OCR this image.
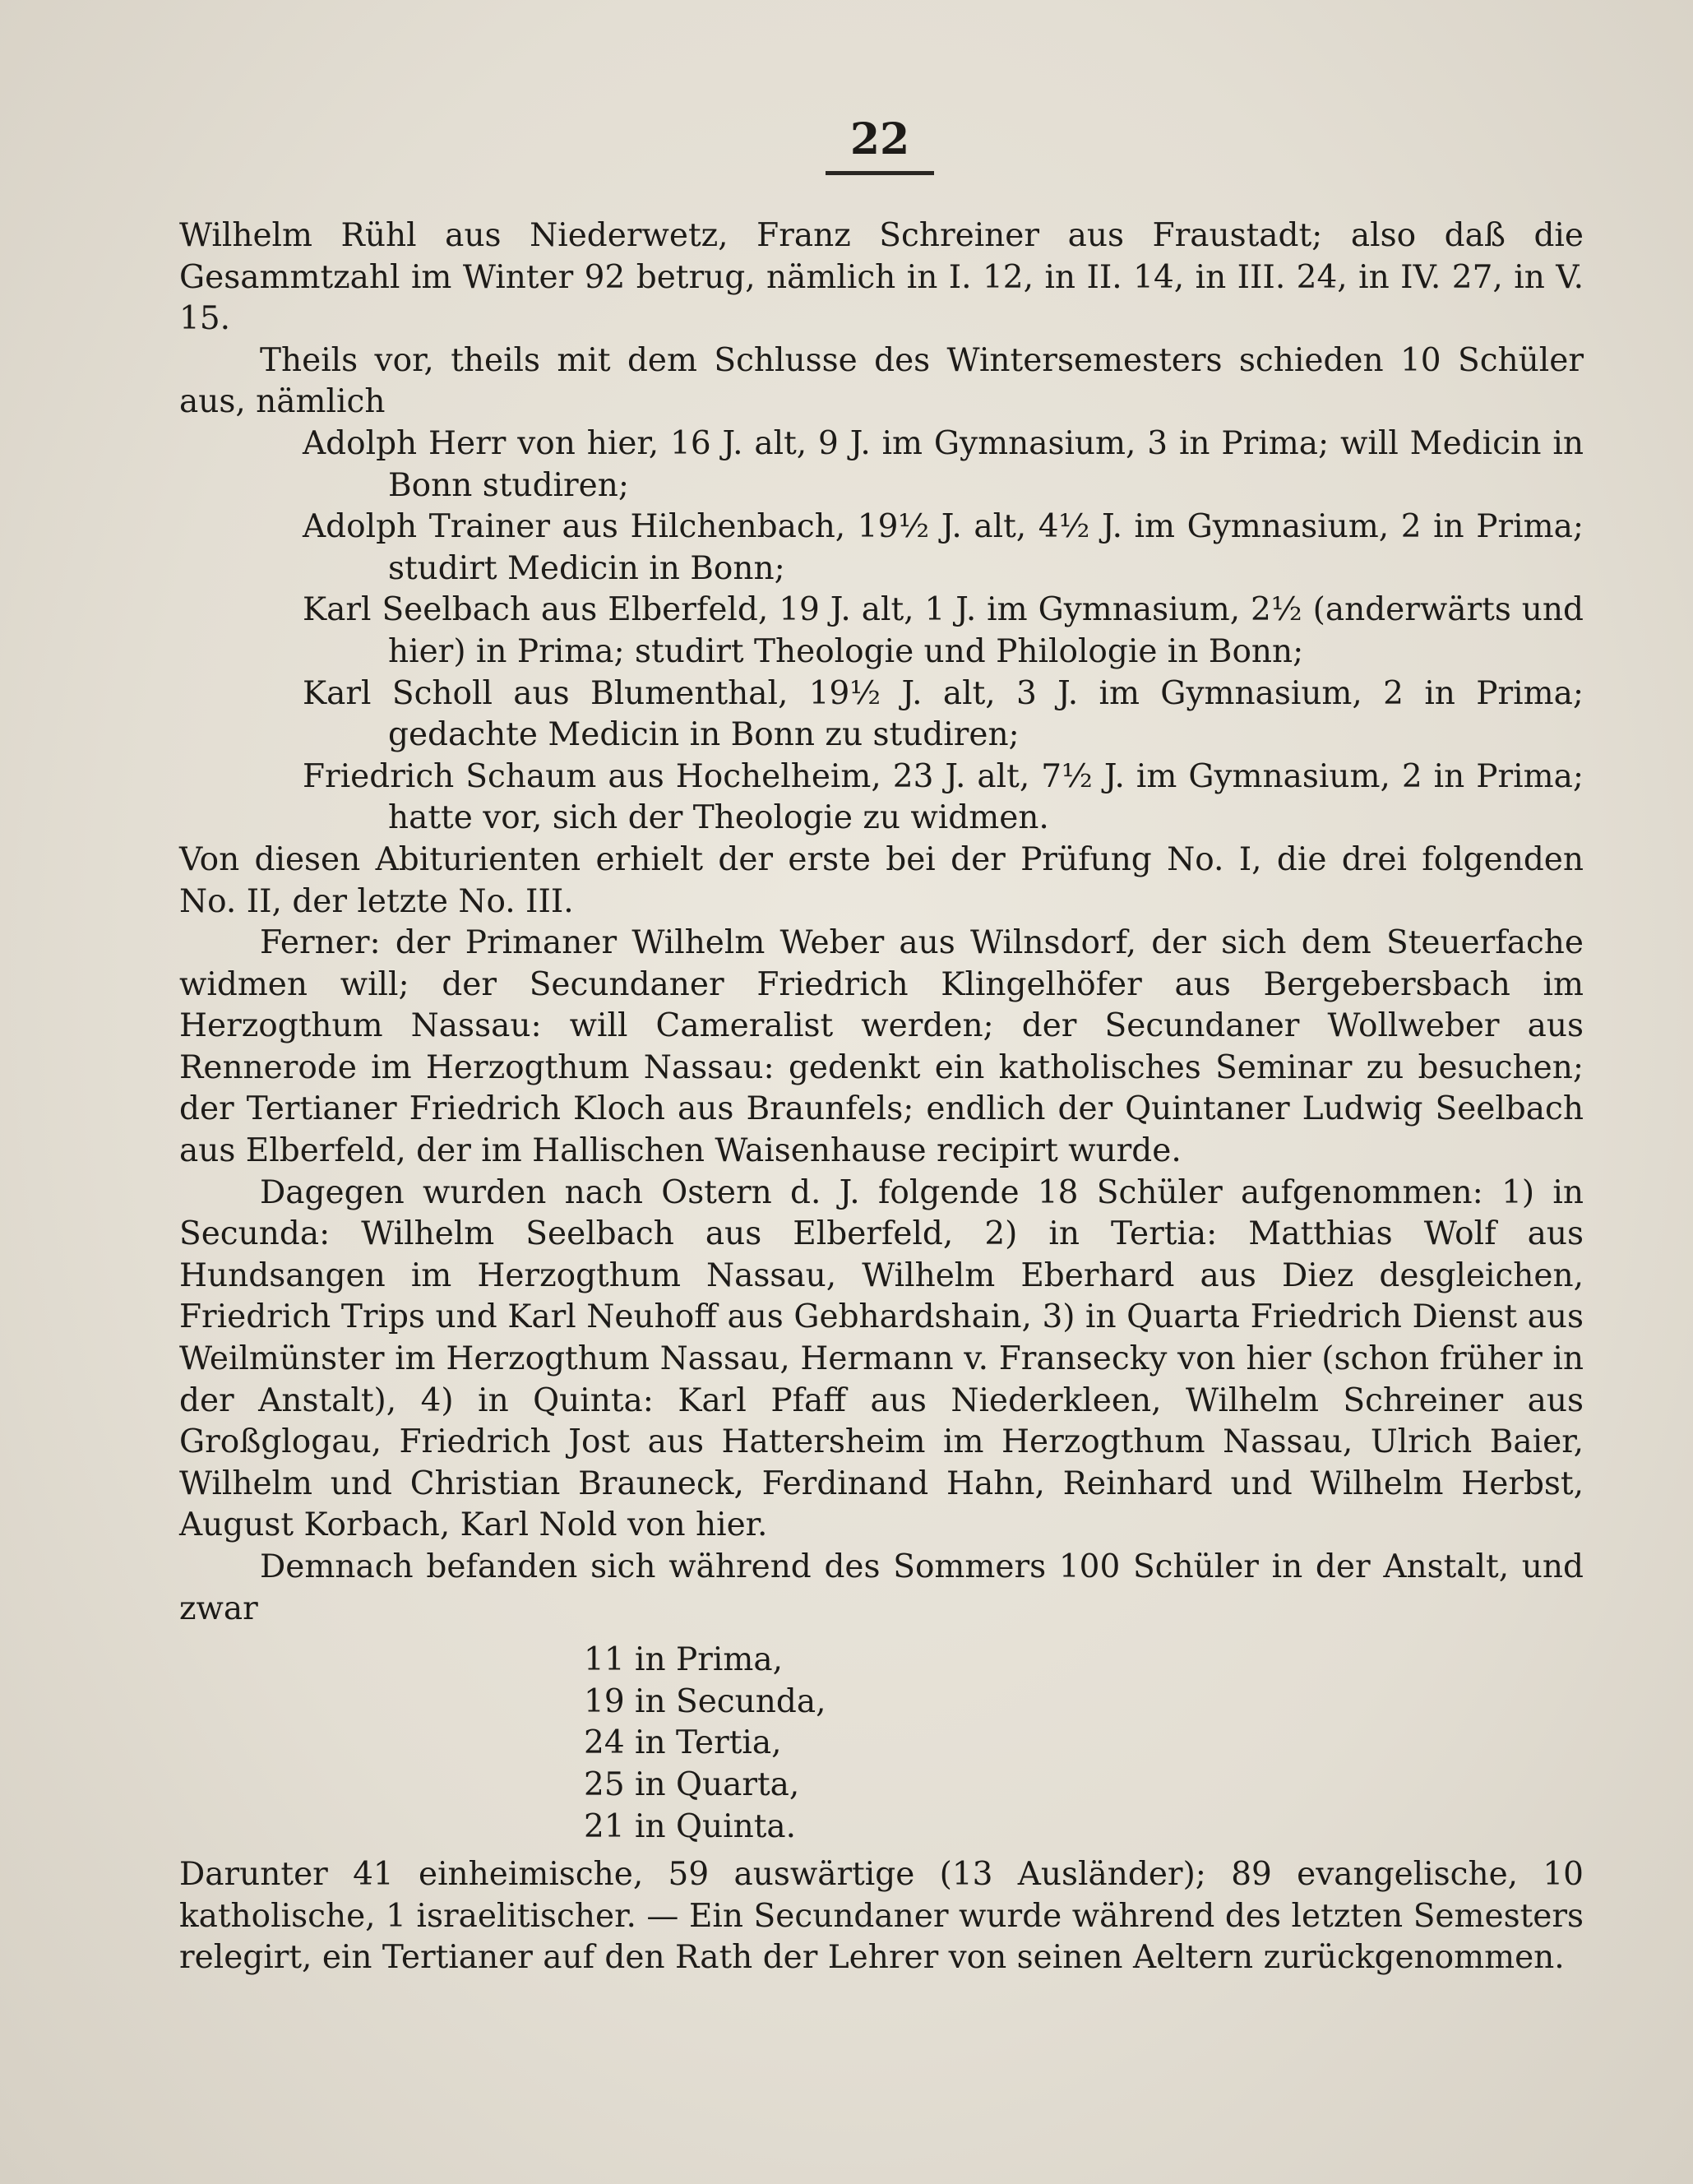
22

Wilhelm Rühl aus Niederwetz, Franz Schreiner aus Fraustadt; also daß die Gesammtzahl im Winter 92 betrug, nämlich in I. 12, in II. 14, in III. 24, in IV. 27, in V. 15.

Theils vor, theils mit dem Schlusse des Wintersemesters schieden 10 Schüler aus, nämlich

Adolph Herr von hier, 16 J. alt, 9 J. im Gymnasium, 3 in Prima; will Medicin in Bonn studiren;

Adolph Trainer aus Hilchenbach, 19½ J. alt, 4½ J. im Gymnasium, 2 in Prima; studirt Medicin in Bonn;

Karl Seelbach aus Elberfeld, 19 J. alt, 1 J. im Gymnasium, 2½ (anderwärts und hier) in Prima; studirt Theologie und Philologie in Bonn;

Karl Scholl aus Blumenthal, 19½ J. alt, 3 J. im Gymnasium, 2 in Prima; gedachte Medicin in Bonn zu studiren;

Friedrich Schaum aus Hochelheim, 23 J. alt, 7½ J. im Gymnasium, 2 in Prima; hatte vor, sich der Theologie zu widmen.

Von diesen Abiturienten erhielt der erste bei der Prüfung No. I, die drei folgenden No. II, der letzte No. III.

Ferner: der Primaner Wilhelm Weber aus Wilnsdorf, der sich dem Steuerfache widmen will; der Secundaner Friedrich Klingelhöfer aus Bergebersbach im Herzogthum Nassau: will Cameralist werden; der Secundaner Wollweber aus Rennerode im Herzogthum Nassau: gedenkt ein katholisches Seminar zu besuchen; der Tertianer Friedrich Kloch aus Braunfels; endlich der Quintaner Ludwig Seelbach aus Elberfeld, der im Hallischen Waisenhause recipirt wurde.

Dagegen wurden nach Ostern d. J. folgende 18 Schüler aufgenommen: 1) in Secunda: Wilhelm Seelbach aus Elberfeld, 2) in Tertia: Matthias Wolf aus Hundsangen im Herzogthum Nassau, Wilhelm Eberhard aus Diez desgleichen, Friedrich Trips und Karl Neuhoff aus Gebhardshain, 3) in Quarta Friedrich Dienst aus Weilmünster im Herzogthum Nassau, Hermann v. Fransecky von hier (schon früher in der Anstalt), 4) in Quinta: Karl Pfaff aus Niederkleen, Wilhelm Schreiner aus Großglogau, Friedrich Jost aus Hattersheim im Herzogthum Nassau, Ulrich Baier, Wilhelm und Christian Brauneck, Ferdinand Hahn, Reinhard und Wilhelm Herbst, August Korbach, Karl Nold von hier.

Demnach befanden sich während des Sommers 100 Schüler in der Anstalt, und zwar

11 in Prima,
19 in Secunda,
24 in Tertia,
25 in Quarta,
21 in Quinta.

Darunter 41 einheimische, 59 auswärtige (13 Ausländer); 89 evangelische, 10 katholische, 1 israelitischer. — Ein Secundaner wurde während des letzten Semesters relegirt, ein Tertianer auf den Rath der Lehrer von seinen Aeltern zurückgenommen.
